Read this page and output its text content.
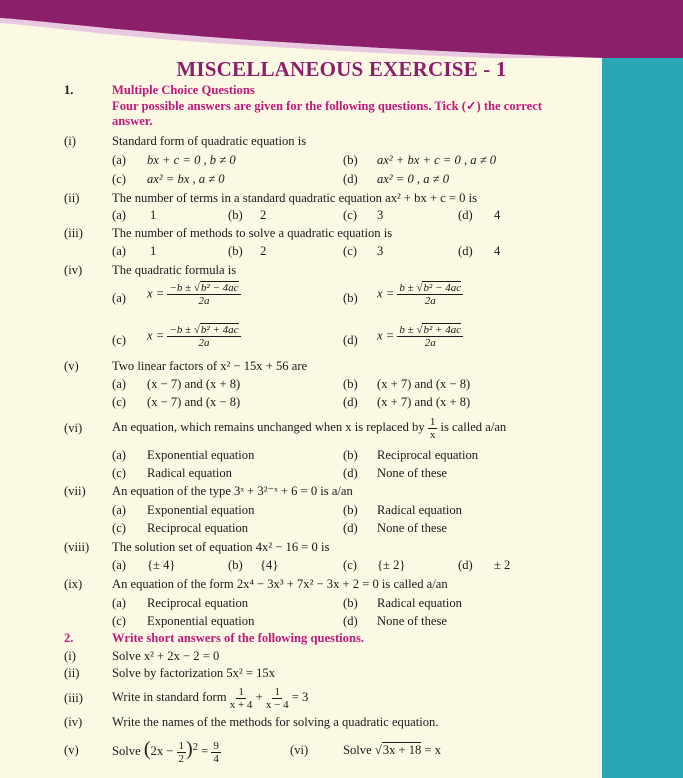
MISCELLANEOUS EXERCISE - 1
1.	Multiple Choice Questions
Four possible answers are given for the following questions. Tick (✓) the correct
answer.
(i)	Standard form of quadratic equation is
(a) bx + c = 0 , b ≠ 0	(b) ax² + bx + c = 0 , a ≠ 0
(c) ax² = bx , a ≠ 0	(d) ax² = 0 , a ≠ 0
(ii)	The number of terms in a standard quadratic equation ax² + bx + c = 0 is
(a) 1	(b) 2	(c) 3	(d) 4
(iii) The number of methods to solve a quadratic equation is
(a) 1	(b) 2	(c) 3	(d) 4
(iv) The quadratic formula is
(a) $x = \frac{\text{−b ± √b² − 4ac}}{2a}$	(b) $x = \frac{\text{b ± √b² − 4ac}}{2a}$
(c) $x = \frac{\text{−b ± √b² + 4ac}}{2a}$	(d) $x = \frac{\text{b ± √b² + 4ac}}{2a}$
(v)	Two linear factors of x² − 15x + 56 are
(a) (x − 7) and (x + 8)	(b) (x + 7) and (x − 8)
(c) (x − 7) and (x − 8)	(d) (x + 7) and (x + 8)
(vi) An equation, which remains unchanged when x is replaced by $\frac{1}{x}$ is called a/an
(a) Exponential equation	(b) Reciprocal equation
(c) Radical equation	(d) None of these
(vii) An equation of the type 3ˣ + 3²⁻ˣ + 6 = 0 is a/an
(a) Exponential equation	(b) Radical equation
(c) Reciprocal equation	(d) None of these
(viii) The solution set of equation 4x² − 16 = 0 is
(a) {± 4}	(b) {4}	(c) {± 2}	(d) ± 2
(ix) An equation of the form 2x⁴ − 3x³ + 7x² − 3x + 2 = 0 is called a/an
(a) Reciprocal equation	(b) Radical equation
(c) Exponential equation	(d) None of these
2.	Write short answers of the following questions.
(i)	Solve x² + 2x − 2 = 0
(ii)	Solve by factorization 5x² = 15x
(iii) Write in standard form $\frac{1}{x + 4} + \frac{1}{x - 4} = 3$
(iv) Write the names of the methods for solving a quadratic equation.
(v)	Solve $(2x - \frac{1}{2} )^2 = \frac{9}{4}$	(vi)	Solve √3x + 18 = x
